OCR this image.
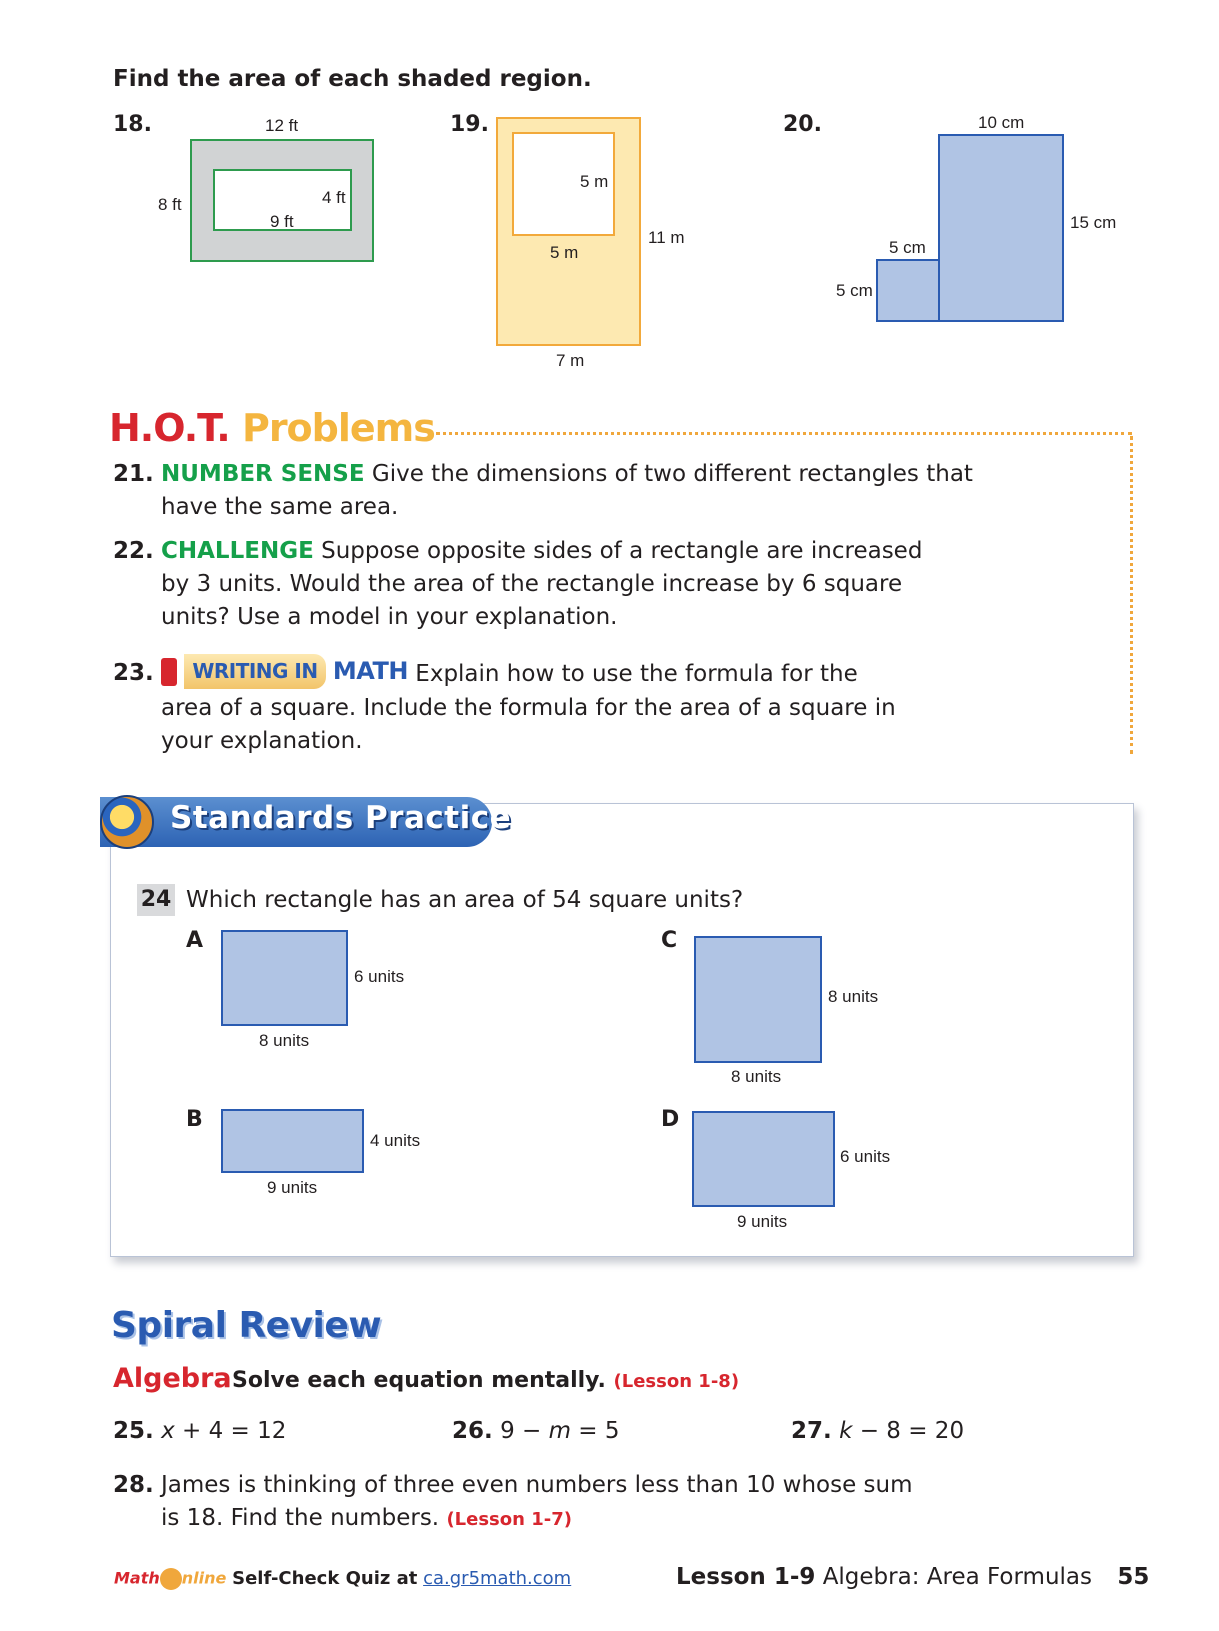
Find the area of each shaded region.
18.	12 ft
8 ft	4 ft
9 ft
19.
5 m
5 m
11 m
7 m
20.	10 cm
15 cm
5 cm
5 cm
H.O.T. Problems
21. NUMBER SENSE Give the dimensions of two different rectangles that
have the same area.
22. CHALLENGE Suppose opposite sides of a rectangle are increased
by 3 units. Would the area of the rectangle increase by 6 square
units? Use a model in your explanation.
23. WRITING IN MATH Explain how to use the formula for the
area of a square. Include the formula for the area of a square in
your explanation.
Standards Practice
24 Which rectangle has an area of 54 square units?
A
6 units
8 units
B
4 units
9 units
C
8 units
8 units
D
6 units
9 units
Spiral Review
Algebra Solve each equation mentally. (Lesson 1-8)
25. x + 4 = 12	26. 9 − m = 5	27. k − 8 = 20
28. James is thinking of three even numbers less than 10 whose sum
is 18. Find the numbers. (Lesson 1-7)
Math nline Self-Check Quiz at ca.gr5math.com	Lesson 1-9 Algebra: Area Formulas 55
